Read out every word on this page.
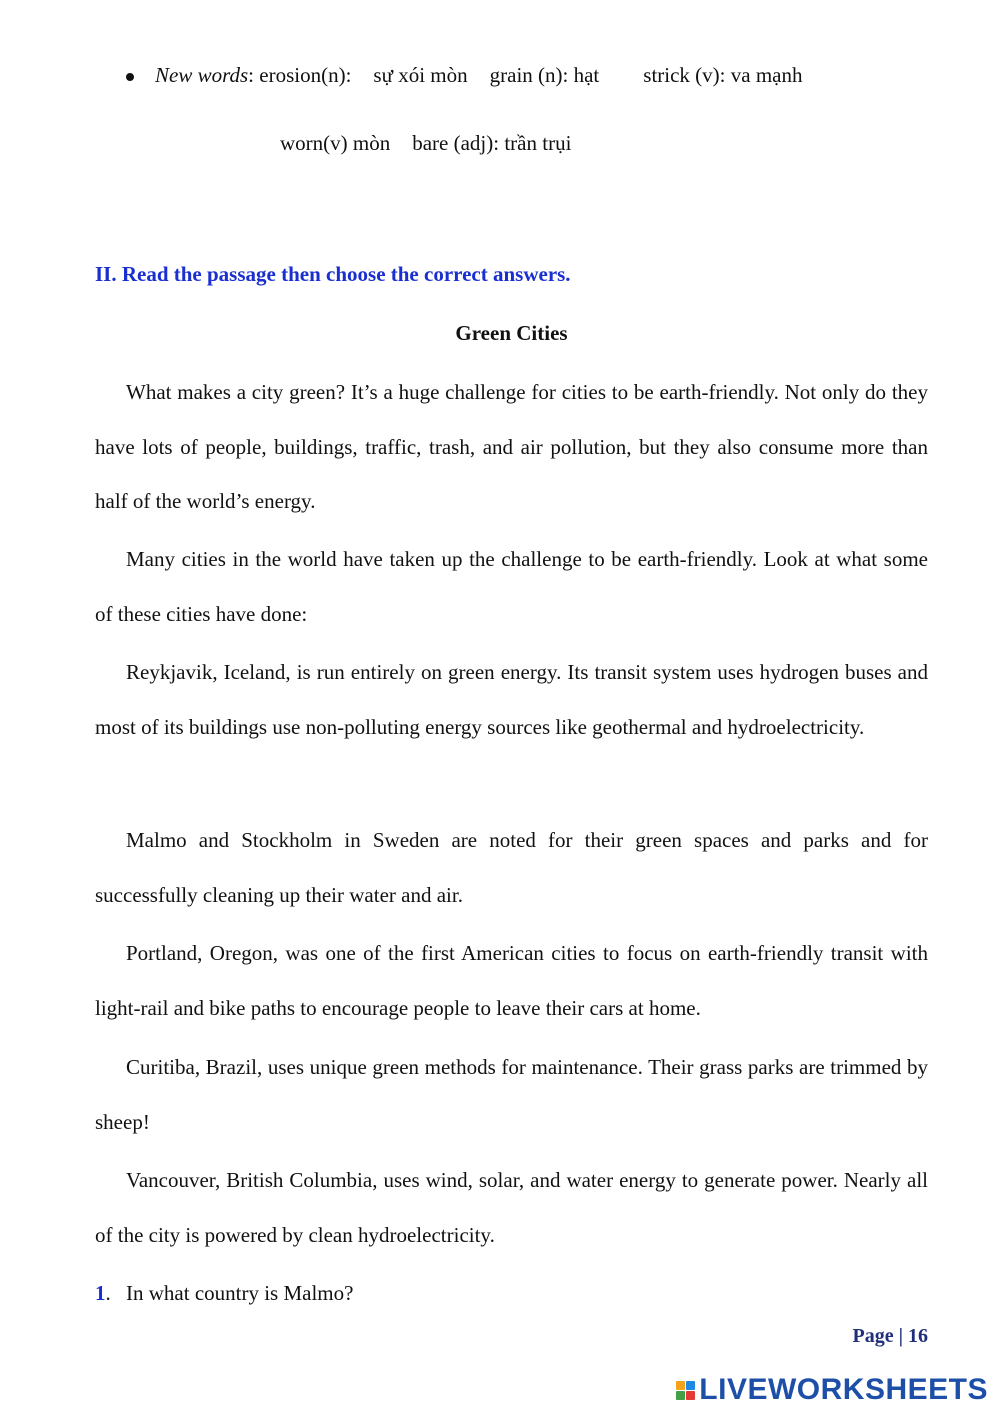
New words: erosion(n): sự xói mòn grain (n): hạt strick (v): va mạnh
worn(v) mòn bare (adj): trần trụi
II. Read the passage then choose the correct answers.
Green Cities

What makes a city green? It’s a huge challenge for cities to be earth-friendly. Not only do they have lots of people, buildings, traffic, trash, and air pollution, but they also consume more than half of the world’s energy.

Many cities in the world have taken up the challenge to be earth-friendly. Look at what some of these cities have done:

Reykjavik, Iceland, is run entirely on green energy. Its transit system uses hydrogen buses and most of its buildings use non-polluting energy sources like geothermal and hydroelectricity.

Malmo and Stockholm in Sweden are noted for their green spaces and parks and for successfully cleaning up their water and air.

Portland, Oregon, was one of the first American cities to focus on earth-friendly transit with light-rail and bike paths to encourage people to leave their cars at home.

Curitiba, Brazil, uses unique green methods for maintenance. Their grass parks are trimmed by sheep!

Vancouver, British Columbia, uses wind, solar, and water energy to generate power. Nearly all of the city is powered by clean hydroelectricity.

1. In what country is Malmo?
Page | 16
LIVEWORKSHEETS
